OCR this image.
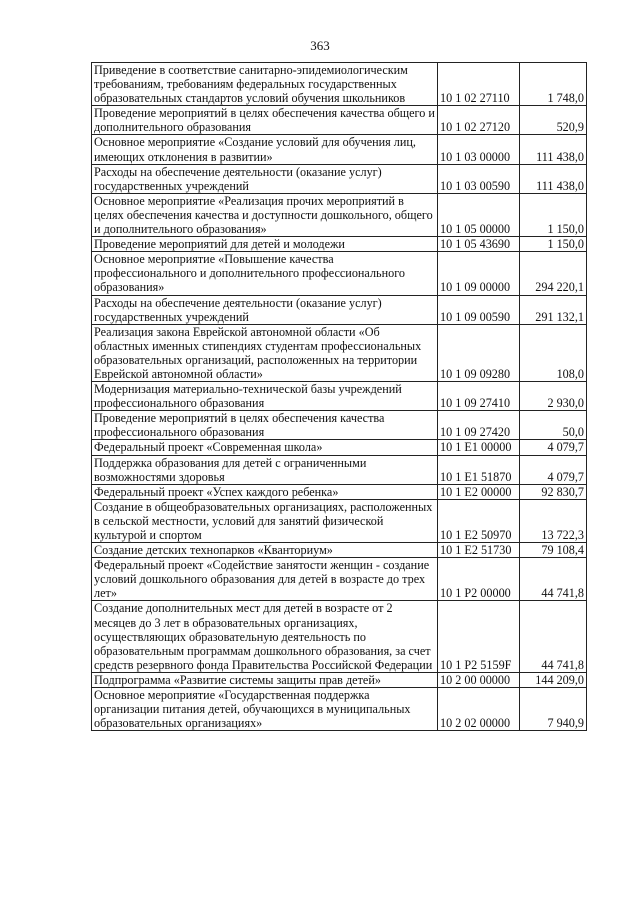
363
Приведение в соответствие санитарно-эпидемиологическим требованиям, требованиям федеральных государственных образовательных стандартов условий обучения школьников	10 1 02 27110	1 748,0
Проведение мероприятий в целях обеспечения качества общего и дополнительного образования	10 1 02 27120	520,9
Основное мероприятие «Создание условий для обучения лиц, имеющих отклонения в развитии»	10 1 03 00000	111 438,0
Расходы на обеспечение деятельности (оказание услуг) государственных учреждений	10 1 03 00590	111 438,0
Основное мероприятие «Реализация прочих мероприятий в целях обеспечения качества и доступности дошкольного, общего и дополнительного образования»	10 1 05 00000	1 150,0
Проведение мероприятий для детей и молодежи	10 1 05 43690	1 150,0
Основное мероприятие «Повышение качества профессионального и дополнительного профессионального образования»	10 1 09 00000	294 220,1
Расходы на обеспечение деятельности (оказание услуг) государственных учреждений	10 1 09 00590	291 132,1
Реализация закона Еврейской автономной области «Об областных именных стипендиях студентам профессиональных образовательных организаций, расположенных на территории Еврейской автономной области»	10 1 09 09280	108,0
Модернизация материально-технической базы учреждений профессионального образования	10 1 09 27410	2 930,0
Проведение мероприятий в целях обеспечения качества профессионального образования	10 1 09 27420	50,0
Федеральный проект «Современная школа»	10 1 E1 00000	4 079,7
Поддержка образования для детей с ограниченными возможностями здоровья	10 1 E1 51870	4 079,7
Федеральный проект «Успех каждого ребенка»	10 1 E2 00000	92 830,7
Создание в общеобразовательных организациях, расположенных в сельской местности, условий для занятий физической культурой и спортом	10 1 E2 50970	13 722,3
Создание детских технопарков «Кванториум»	10 1 E2 51730	79 108,4
Федеральный проект «Содействие занятости женщин - создание условий дошкольного образования для детей в возрасте до трех лет»	10 1 P2 00000	44 741,8
Создание дополнительных мест для детей в возрасте от 2 месяцев до 3 лет в образовательных организациях, осуществляющих образовательную деятельность по образовательным программам дошкольного образования, за счет средств резервного фонда Правительства Российской Федерации	10 1 P2 5159F	44 741,8
Подпрограмма «Развитие системы защиты прав детей»	10 2 00 00000	144 209,0
Основное мероприятие «Государственная поддержка организации питания детей, обучающихся в муниципальных образовательных организациях»	10 2 02 00000	7 940,9
